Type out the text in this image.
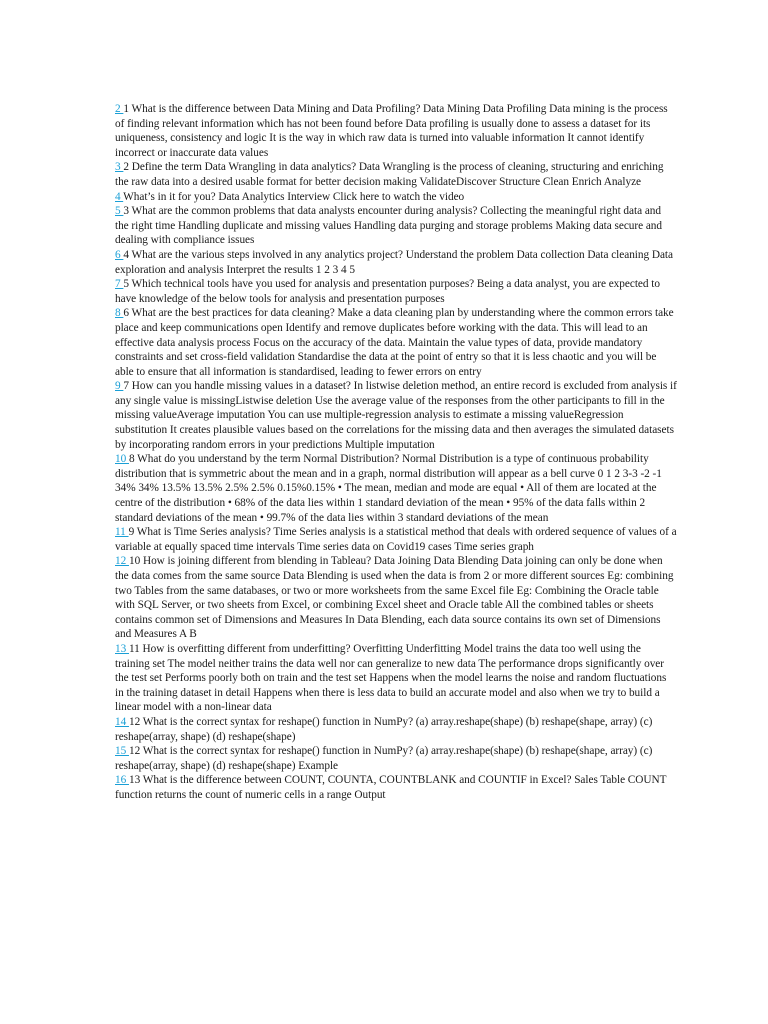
2 1 What is the difference between Data Mining and Data Profiling? Data Mining Data Profiling Data mining is the process of finding relevant information which has not been found before Data profiling is usually done to assess a dataset for its uniqueness, consistency and logic It is the way in which raw data is turned into valuable information It cannot identify incorrect or inaccurate data values

3 2 Define the term Data Wrangling in data analytics? Data Wrangling is the process of cleaning, structuring and enriching the raw data into a desired usable format for better decision making ValidateDiscover Structure Clean Enrich Analyze

4 What’s in it for you? Data Analytics Interview Click here to watch the video

5 3 What are the common problems that data analysts encounter during analysis? Collecting the meaningful right data and the right time Handling duplicate and missing values Handling data purging and storage problems Making data secure and dealing with compliance issues

6 4 What are the various steps involved in any analytics project? Understand the problem Data collection Data cleaning Data exploration and analysis Interpret the results 1 2 3 4 5

7 5 Which technical tools have you used for analysis and presentation purposes? Being a data analyst, you are expected to have knowledge of the below tools for analysis and presentation purposes

8 6 What are the best practices for data cleaning? Make a data cleaning plan by understanding where the common errors take place and keep communications open Identify and remove duplicates before working with the data. This will lead to an effective data analysis process Focus on the accuracy of the data. Maintain the value types of data, provide mandatory constraints and set cross-field validation Standardise the data at the point of entry so that it is less chaotic and you will be able to ensure that all information is standardised, leading to fewer errors on entry

9 7 How can you handle missing values in a dataset? In listwise deletion method, an entire record is excluded from analysis if any single value is missingListwise deletion Use the average value of the responses from the other participants to fill in the missing valueAverage imputation You can use multiple-regression analysis to estimate a missing valueRegression substitution It creates plausible values based on the correlations for the missing data and then averages the simulated datasets by incorporating random errors in your predictions Multiple imputation

10 8 What do you understand by the term Normal Distribution? Normal Distribution is a type of continuous probability distribution that is symmetric about the mean and in a graph, normal distribution will appear as a bell curve 0 1 2 3-3 -2 -1 34% 34% 13.5% 13.5% 2.5% 2.5% 0.15%0.15% • The mean, median and mode are equal • All of them are located at the centre of the distribution • 68% of the data lies within 1 standard deviation of the mean • 95% of the data falls within 2 standard deviations of the mean • 99.7% of the data lies within 3 standard deviations of the mean

11 9 What is Time Series analysis? Time Series analysis is a statistical method that deals with ordered sequence of values of a variable at equally spaced time intervals Time series data on Covid19 cases Time series graph

12 10 How is joining different from blending in Tableau? Data Joining Data Blending Data joining can only be done when the data comes from the same source Data Blending is used when the data is from 2 or more different sources Eg: combining two Tables from the same databases, or two or more worksheets from the same Excel file Eg: Combining the Oracle table with SQL Server, or two sheets from Excel, or combining Excel sheet and Oracle table All the combined tables or sheets contains common set of Dimensions and Measures In Data Blending, each data source contains its own set of Dimensions and Measures A B

13 11 How is overfitting different from underfitting? Overfitting Underfitting Model trains the data too well using the training set The model neither trains the data well nor can generalize to new data The performance drops significantly over the test set Performs poorly both on train and the test set Happens when the model learns the noise and random fluctuations in the training dataset in detail Happens when there is less data to build an accurate model and also when we try to build a linear model with a non-linear data

14 12 What is the correct syntax for reshape() function in NumPy? (a) array.reshape(shape) (b) reshape(shape, array) (c) reshape(array, shape) (d) reshape(shape)

15 12 What is the correct syntax for reshape() function in NumPy? (a) array.reshape(shape) (b) reshape(shape, array) (c) reshape(array, shape) (d) reshape(shape) Example

16 13 What is the difference between COUNT, COUNTA, COUNTBLANK and COUNTIF in Excel? Sales Table COUNT function returns the count of numeric cells in a range Output
